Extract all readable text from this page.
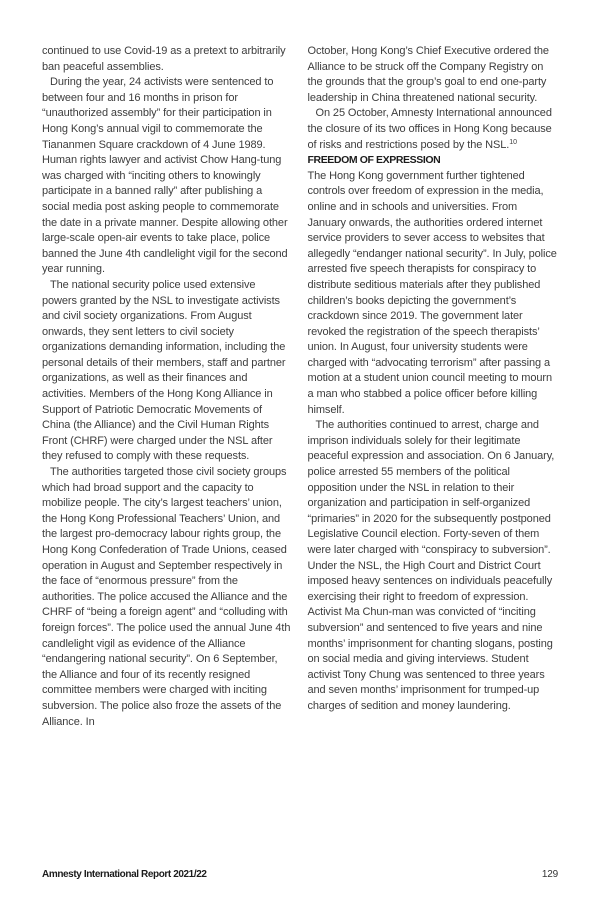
continued to use Covid-19 as a pretext to arbitrarily ban peaceful assemblies.

During the year, 24 activists were sentenced to between four and 16 months in prison for “unauthorized assembly” for their participation in Hong Kong’s annual vigil to commemorate the Tiananmen Square crackdown of 4 June 1989. Human rights lawyer and activist Chow Hang-tung was charged with “inciting others to knowingly participate in a banned rally” after publishing a social media post asking people to commemorate the date in a private manner. Despite allowing other large-scale open-air events to take place, police banned the June 4th candlelight vigil for the second year running.

The national security police used extensive powers granted by the NSL to investigate activists and civil society organizations. From August onwards, they sent letters to civil society organizations demanding information, including the personal details of their members, staff and partner organizations, as well as their finances and activities. Members of the Hong Kong Alliance in Support of Patriotic Democratic Movements of China (the Alliance) and the Civil Human Rights Front (CHRF) were charged under the NSL after they refused to comply with these requests.

The authorities targeted those civil society groups which had broad support and the capacity to mobilize people. The city’s largest teachers’ union, the Hong Kong Professional Teachers’ Union, and the largest pro-democracy labour rights group, the Hong Kong Confederation of Trade Unions, ceased operation in August and September respectively in the face of “enormous pressure” from the authorities. The police accused the Alliance and the CHRF of “being a foreign agent” and “colluding with foreign forces”. The police used the annual June 4th candlelight vigil as evidence of the Alliance “endangering national security”. On 6 September, the Alliance and four of its recently resigned committee members were charged with inciting subversion. The police also froze the assets of the Alliance. In

October, Hong Kong’s Chief Executive ordered the Alliance to be struck off the Company Registry on the grounds that the group’s goal to end one-party leadership in China threatened national security.

On 25 October, Amnesty International announced the closure of its two offices in Hong Kong because of risks and restrictions posed by the NSL.$^{10}$

FREEDOM OF EXPRESSION

The Hong Kong government further tightened controls over freedom of expression in the media, online and in schools and universities. From January onwards, the authorities ordered internet service providers to sever access to websites that allegedly “endanger national security”. In July, police arrested five speech therapists for conspiracy to distribute seditious materials after they published children’s books depicting the government’s crackdown since 2019. The government later revoked the registration of the speech therapists’ union. In August, four university students were charged with “advocating terrorism” after passing a motion at a student union council meeting to mourn a man who stabbed a police officer before killing himself.

The authorities continued to arrest, charge and imprison individuals solely for their legitimate peaceful expression and association. On 6 January, police arrested 55 members of the political opposition under the NSL in relation to their organization and participation in self-organized “primaries” in 2020 for the subsequently postponed Legislative Council election. Forty-seven of them were later charged with “conspiracy to subversion”. Under the NSL, the High Court and District Court imposed heavy sentences on individuals peacefully exercising their right to freedom of expression. Activist Ma Chun-man was convicted of “inciting subversion” and sentenced to five years and nine months’ imprisonment for chanting slogans, posting on social media and giving interviews. Student activist Tony Chung was sentenced to three years and seven months’ imprisonment for trumped-up charges of sedition and money laundering.

Amnesty International Report 2021/22	129
